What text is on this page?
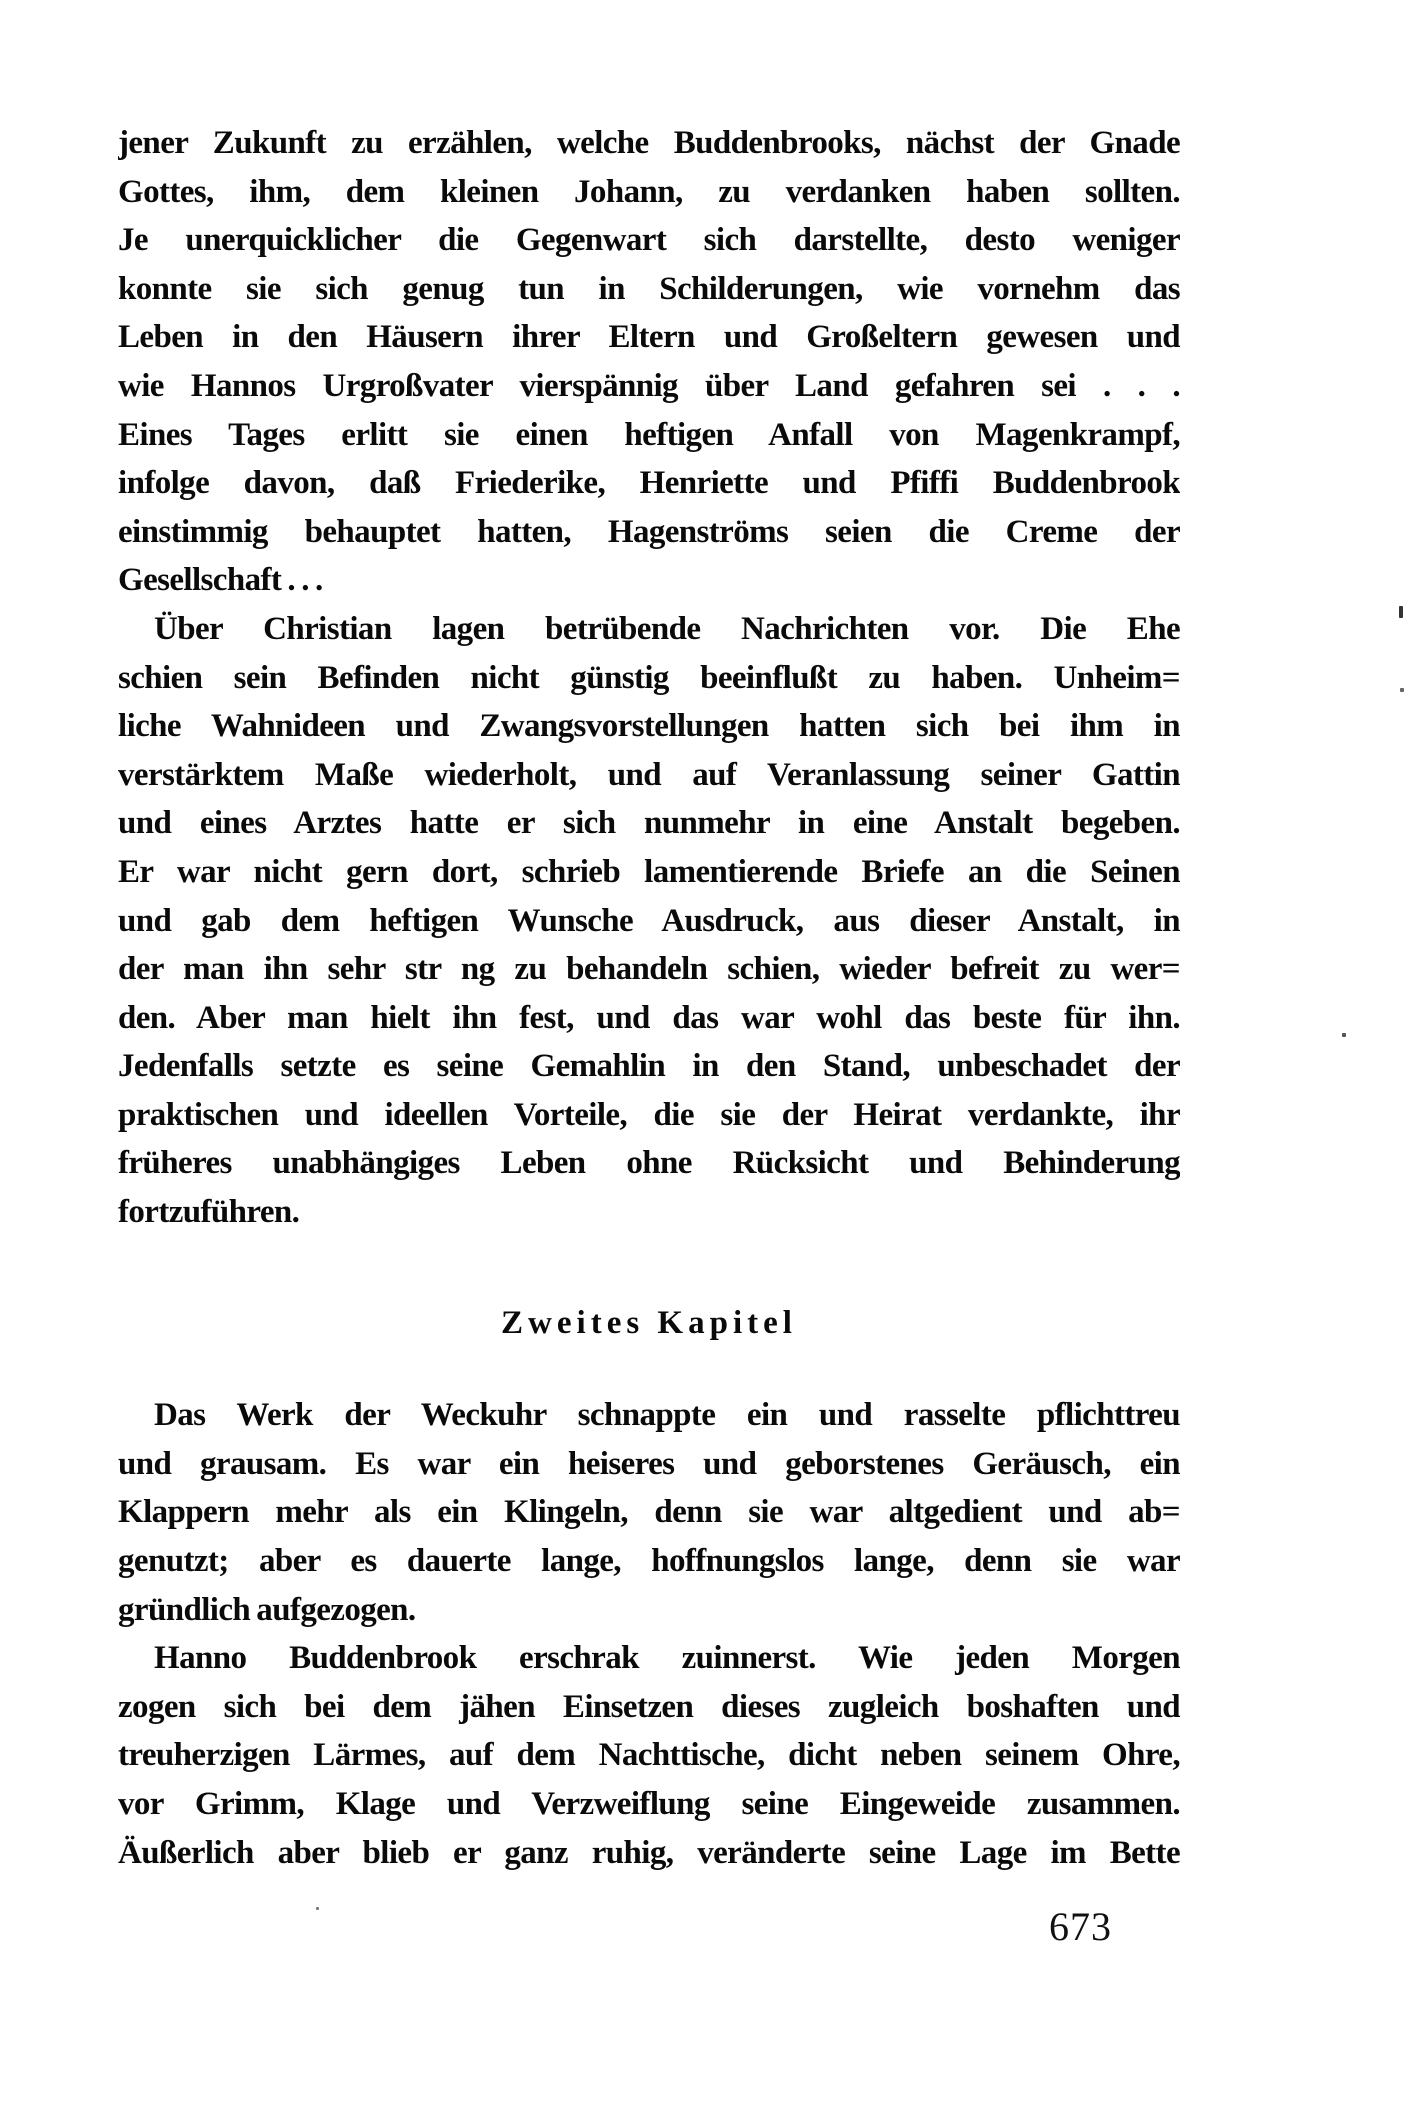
jener Zukunft zu erzählen, welche Buddenbrooks, nächst der Gnade
Gottes, ihm, dem kleinen Johann, zu verdanken haben sollten.
Je unerquicklicher die Gegenwart sich darstellte, desto weniger
konnte sie sich genug tun in Schilderungen, wie vornehm das
Leben in den Häusern ihrer Eltern und Großeltern gewesen und
wie Hannos Urgroßvater vierspännig über Land gefahren sei . . .
Eines Tages erlitt sie einen heftigen Anfall von Magenkrampf,
infolge davon, daß Friederike, Henriette und Pfiffi Buddenbrook
einstimmig behauptet hatten, Hagenströms seien die Creme der
Gesellschaft . . .
Über Christian lagen betrübende Nachrichten vor. Die Ehe
schien sein Befinden nicht günstig beeinflußt zu haben. Unheim=
liche Wahnideen und Zwangsvorstellungen hatten sich bei ihm in
verstärktem Maße wiederholt, und auf Veranlassung seiner Gattin
und eines Arztes hatte er sich nunmehr in eine Anstalt begeben.
Er war nicht gern dort, schrieb lamentierende Briefe an die Seinen
und gab dem heftigen Wunsche Ausdruck, aus dieser Anstalt, in
der man ihn sehr str ng zu behandeln schien, wieder befreit zu wer=
den. Aber man hielt ihn fest, und das war wohl das beste für ihn.
Jedenfalls setzte es seine Gemahlin in den Stand, unbeschadet der
praktischen und ideellen Vorteile, die sie der Heirat verdankte, ihr
früheres unabhängiges Leben ohne Rücksicht und Behinderung
fortzuführen.
Zweites Kapitel
Das Werk der Weckuhr schnappte ein und rasselte pflichttreu
und grausam. Es war ein heiseres und geborstenes Geräusch, ein
Klappern mehr als ein Klingeln, denn sie war altgedient und ab=
genutzt; aber es dauerte lange, hoffnungslos lange, denn sie war
gründlich aufgezogen.
Hanno Buddenbrook erschrak zuinnerst. Wie jeden Morgen
zogen sich bei dem jähen Einsetzen dieses zugleich boshaften und
treuherzigen Lärmes, auf dem Nachttische, dicht neben seinem Ohre,
vor Grimm, Klage und Verzweiflung seine Eingeweide zusammen.
Äußerlich aber blieb er ganz ruhig, veränderte seine Lage im Bette
673
